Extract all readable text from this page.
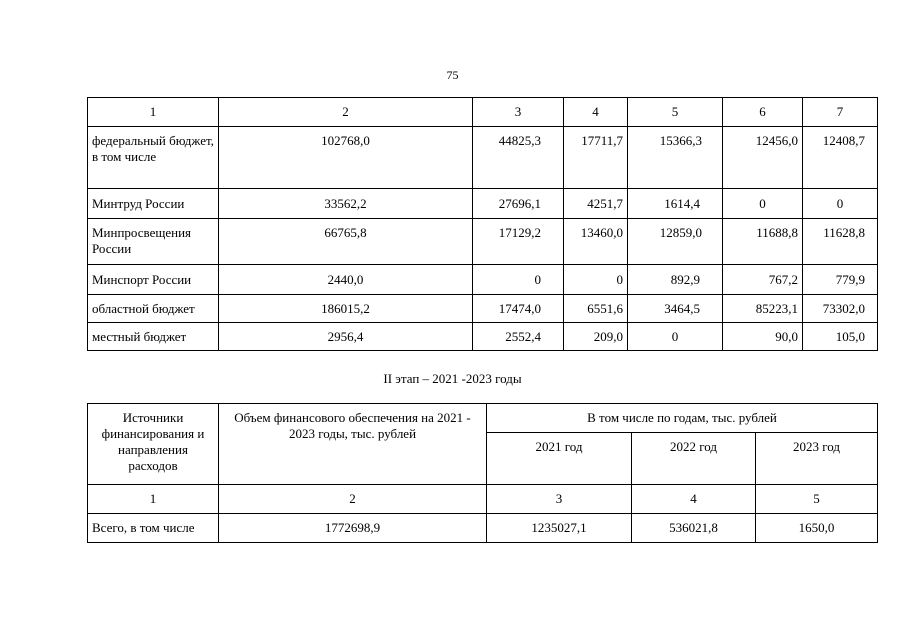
75
1	2	3	4	5	6	7
федеральный бюджет, в том числе	102768,0	44825,3	17711,7	15366,3	12456,0	12408,7
Минтруд России	33562,2	27696,1	4251,7	1614,4	0	0
Минпросвещения России	66765,8	17129,2	13460,0	12859,0	11688,8	11628,8
Минспорт России	2440,0	0	0	892,9	767,2	779,9
областной бюджет	186015,2	17474,0	6551,6	3464,5	85223,1	73302,0
местный бюджет	2956,4	2552,4	209,0	0	90,0	105,0
II этап – 2021 -2023 годы
Источники финансирования и направления расходов	Объем финансового обеспечения на 2021 - 2023 годы, тыс. рублей	В том числе по годам, тыс. рублей		
		2021 год	2022 год	2023 год
1	2	3	4	5
Всего, в том числе	1772698,9	1235027,1	536021,8	1650,0
